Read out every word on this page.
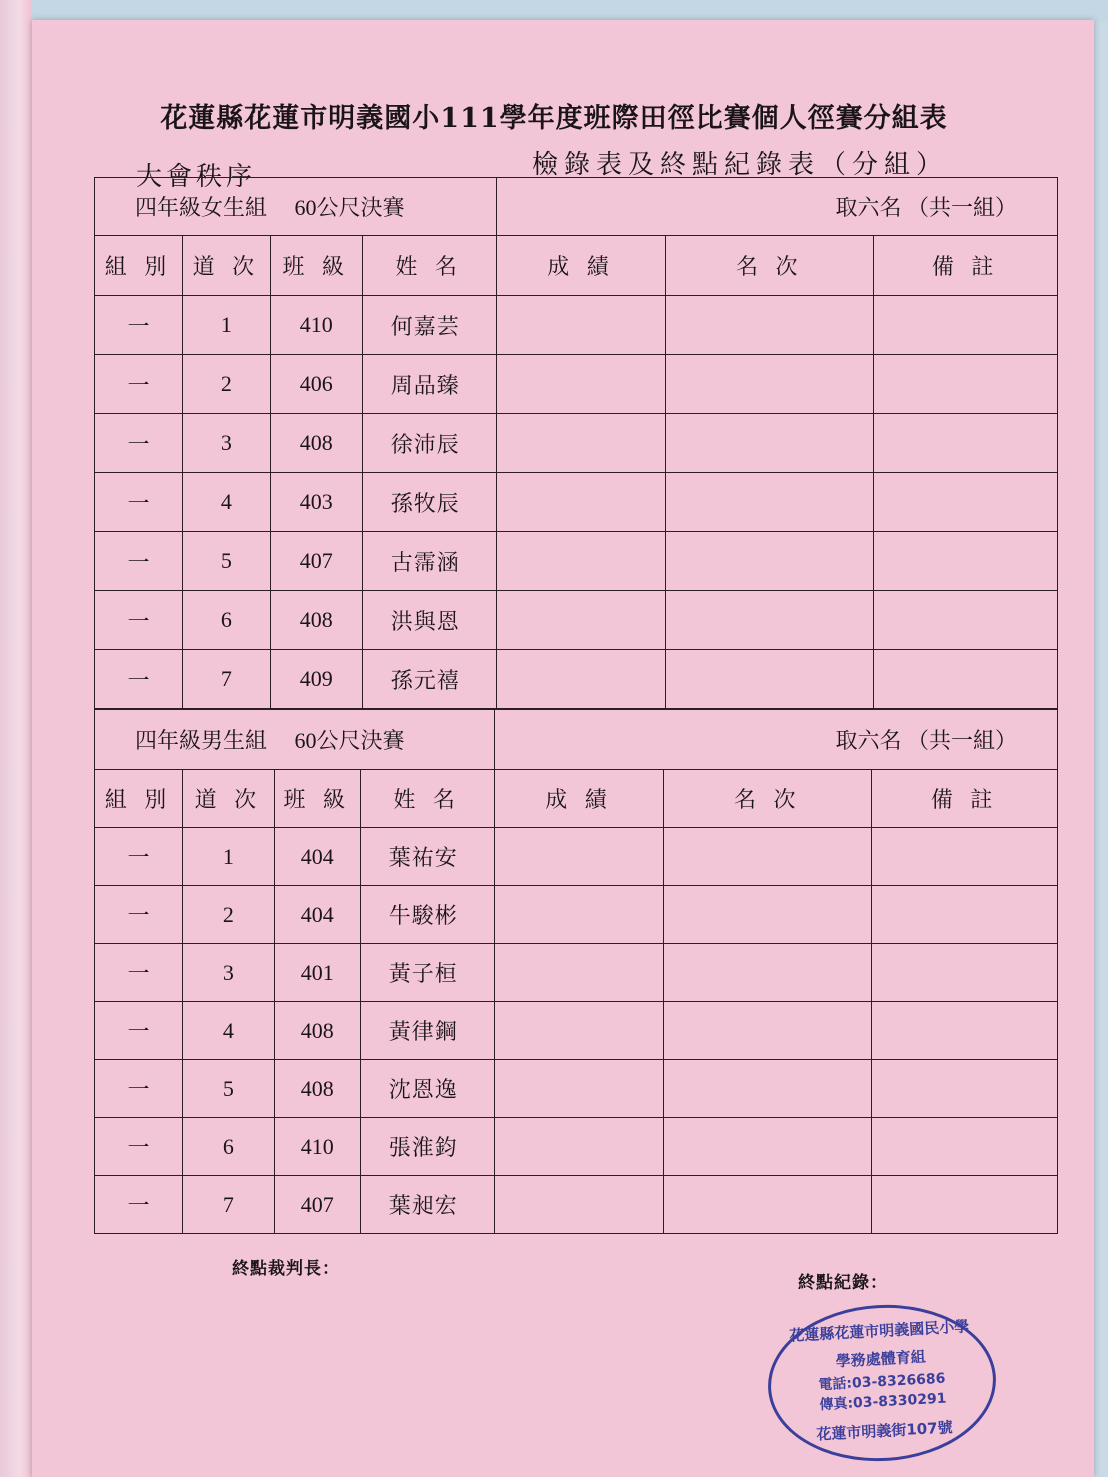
花蓮縣花蓮市明義國小111學年度班際田徑比賽個人徑賽分組表
大會秩序	檢錄表及終點紀錄表（分組）
四年級女生組　 60公尺決賽				取六名 （共一組）		
組 別	道 次	班 級	姓 名	成 績	名 次	備 註
一	1	410	何嘉芸			
一	2	406	周品臻			
一	3	408	徐沛辰			
一	4	403	孫牧辰			
一	5	407	古霈涵			
一	6	408	洪與恩			
一	7	409	孫元禧			
四年級男生組　 60公尺決賽				取六名 （共一組）		
組 別	道 次	班 級	姓 名	成 績	名 次	備 註
一	1	404	葉祐安			
一	2	404	牛駿彬			
一	3	401	黃子桓			
一	4	408	黃律鋼			
一	5	408	沈恩逸			
一	6	410	張淮鈞			
一	7	407	葉昶宏			
終點裁判長：
終點紀錄：
花蓮縣花蓮市明義國民小學
學務處體育組
電話:03-8326686
傳真:03-8330291
花蓮市明義街107號
